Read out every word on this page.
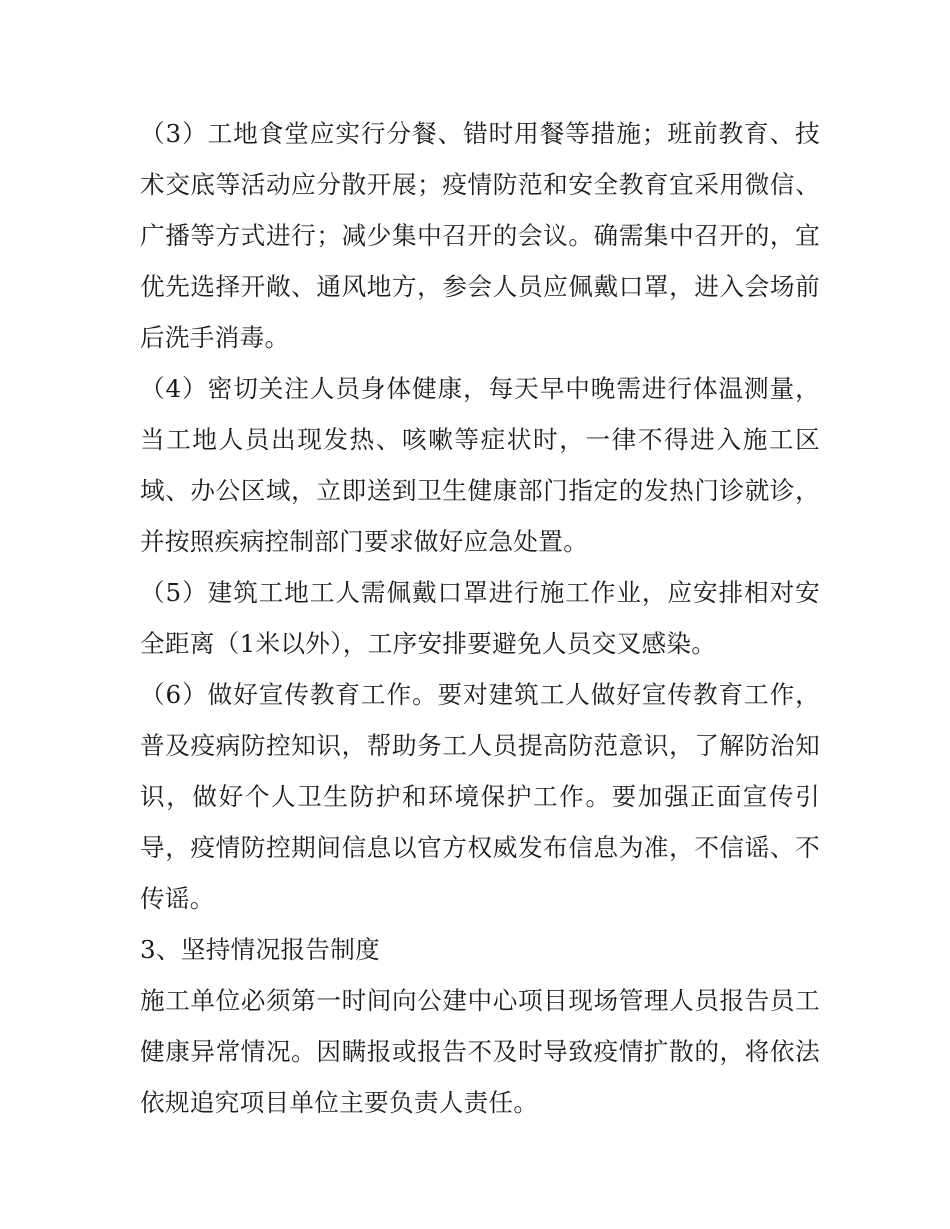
（3）工地食堂应实行分餐、错时用餐等措施；班前教育、技术交底等活动应分散开展；疫情防范和安全教育宜采用微信、广播等方式进行；减少集中召开的会议。确需集中召开的，宜优先选择开敞、通风地方，参会人员应佩戴口罩，进入会场前后洗手消毒。

（4）密切关注人员身体健康，每天早中晚需进行体温测量，当工地人员出现发热、咳嗽等症状时，一律不得进入施工区域、办公区域，立即送到卫生健康部门指定的发热门诊就诊，并按照疾病控制部门要求做好应急处置。

（5）建筑工地工人需佩戴口罩进行施工作业，应安排相对安全距离（1米以外），工序安排要避免人员交叉感染。

（6）做好宣传教育工作。要对建筑工人做好宣传教育工作，普及疫病防控知识，帮助务工人员提高防范意识，了解防治知识，做好个人卫生防护和环境保护工作。要加强正面宣传引导，疫情防控期间信息以官方权威发布信息为准，不信谣、不传谣。

3、坚持情况报告制度

施工单位必须第一时间向公建中心项目现场管理人员报告员工健康异常情况。因瞒报或报告不及时导致疫情扩散的，将依法依规追究项目单位主要负责人责任。
